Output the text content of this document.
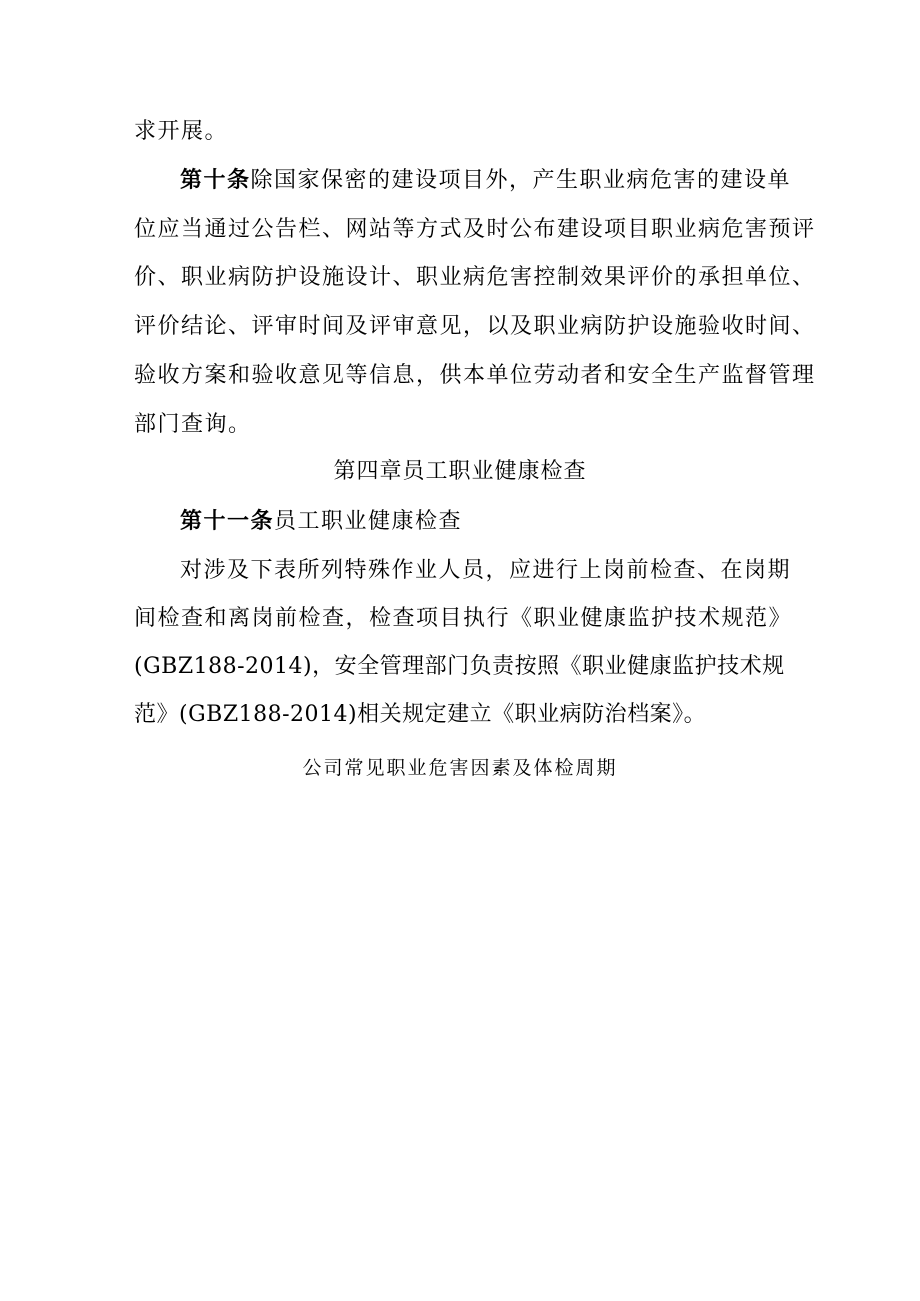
求开展。
第十条除国家保密的建设项目外，产生职业病危害的建设单
位应当通过公告栏、网站等方式及时公布建设项目职业病危害预评
价、职业病防护设施设计、职业病危害控制效果评价的承担单位、
评价结论、评审时间及评审意见，以及职业病防护设施验收时间、
验收方案和验收意见等信息，供本单位劳动者和安全生产监督管理
部门查询。
第四章员工职业健康检查
第十一条员工职业健康检查
对涉及下表所列特殊作业人员，应进行上岗前检查、在岗期
间检查和离岗前检查，检查项目执行《职业健康监护技术规范》
(GBZ188-2014)，安全管理部门负责按照《职业健康监护技术规
范》(GBZ188-2014)相关规定建立《职业病防治档案》。
公司常见职业危害因素及体检周期
